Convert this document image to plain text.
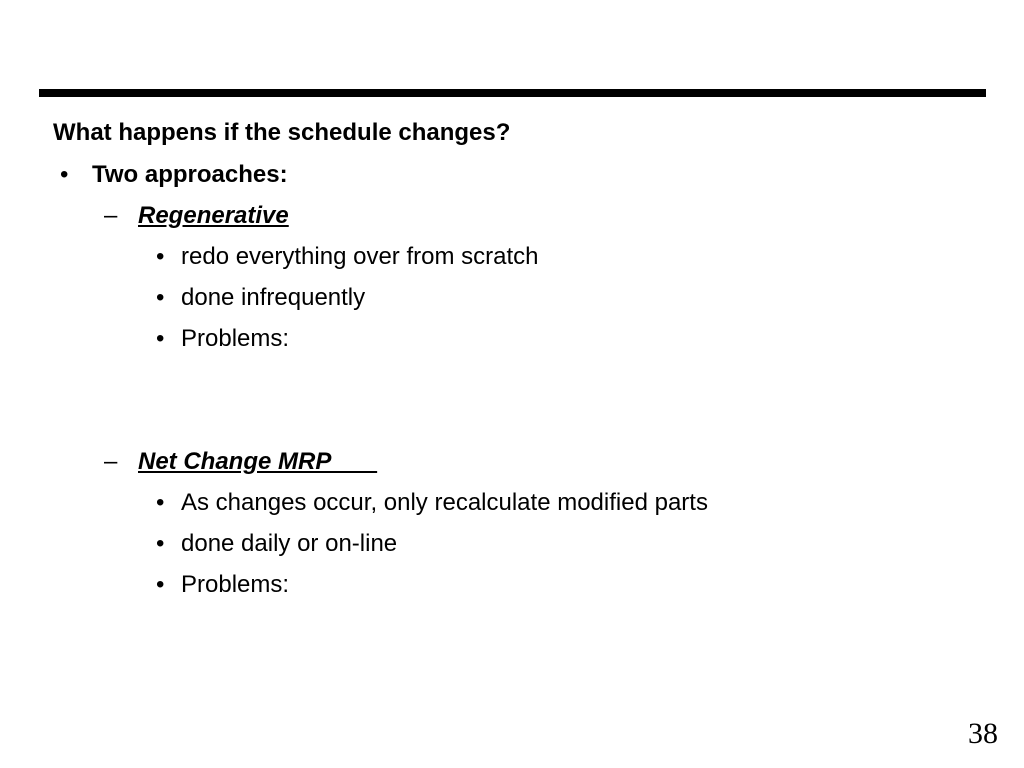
What happens if the schedule changes?
• Two approaches:
– Regenerative
• redo everything over from scratch
• done infrequently
• Problems:
– Net Change MRP
• As changes occur, only recalculate modified parts
• done daily or on-line
• Problems:
38
